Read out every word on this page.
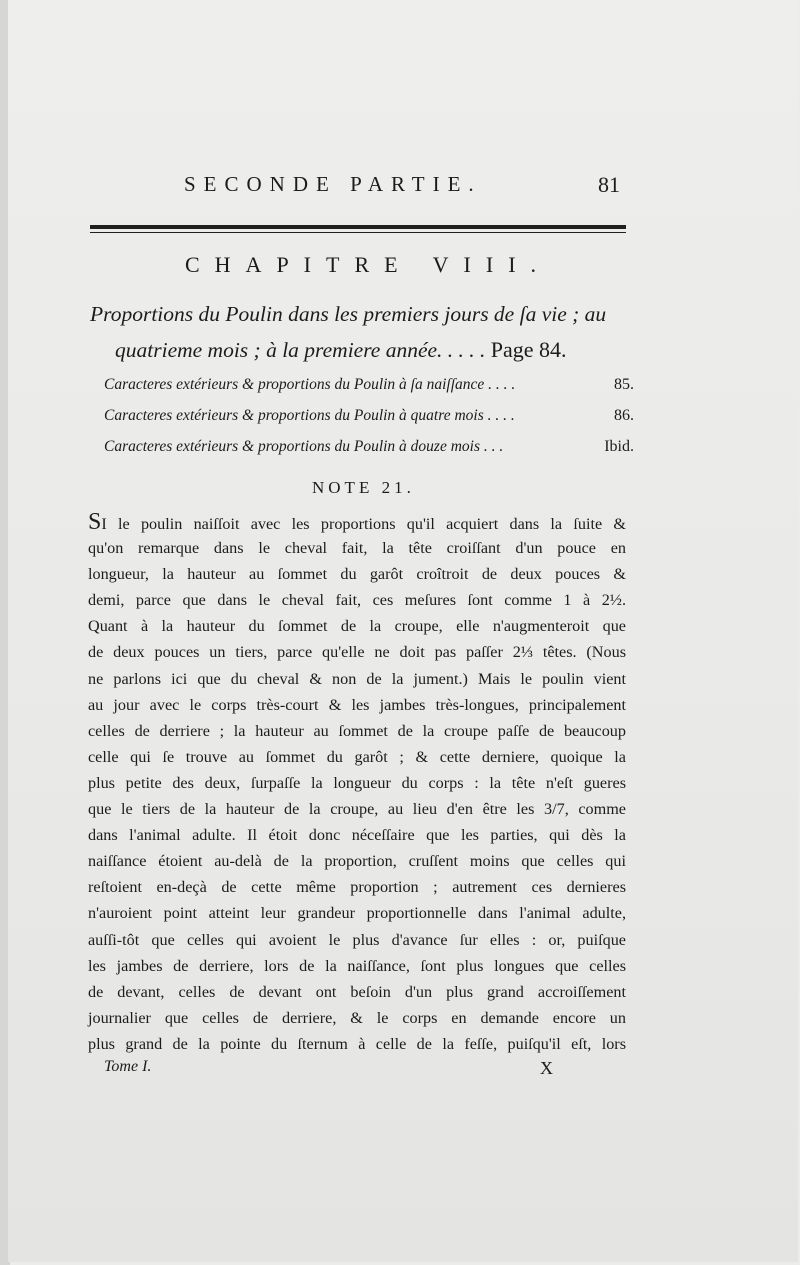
SECONDE PARTIE.	81
CHAPITRE VIII.
Proportions du Poulin dans les premiers jours de ſa vie ; au
quatrieme mois ; à la premiere année. . . . . Page 84.
Caracteres extérieurs & proportions du Poulin à ſa naiſſance . . . .	85.
Caracteres extérieurs & proportions du Poulin à quatre mois . . . .	86.
Caracteres extérieurs & proportions du Poulin à douze mois . . .	Ibid.
NOTE 21.
SI le poulin naiſſoit avec les proportions qu'il acquiert dans la ſuite &
qu'on remarque dans le cheval fait, la tête croiſſant d'un pouce en
longueur, la hauteur au ſommet du garôt croîtroit de deux pouces &
demi, parce que dans le cheval fait, ces meſures ſont comme 1 à 2½.
Quant à la hauteur du ſommet de la croupe, elle n'augmenteroit que
de deux pouces un tiers, parce qu'elle ne doit pas paſſer 2⅓ têtes. (Nous
ne parlons ici que du cheval & non de la jument.) Mais le poulin vient
au jour avec le corps très-court & les jambes très-longues, principalement
celles de derriere ; la hauteur au ſommet de la croupe paſſe de beaucoup
celle qui ſe trouve au ſommet du garôt ; & cette derniere, quoique la
plus petite des deux, ſurpaſſe la longueur du corps : la tête n'eſt gueres
que le tiers de la hauteur de la croupe, au lieu d'en être les 3/7, comme
dans l'animal adulte. Il étoit donc néceſſaire que les parties, qui dès la
naiſſance étoient au-delà de la proportion, cruſſent moins que celles qui
reſtoient en-deçà de cette même proportion ; autrement ces dernieres
n'auroient point atteint leur grandeur proportionnelle dans l'animal adulte,
auſſi-tôt que celles qui avoient le plus d'avance ſur elles : or, puiſque
les jambes de derriere, lors de la naiſſance, ſont plus longues que celles
de devant, celles de devant ont beſoin d'un plus grand accroiſſement
journalier que celles de derriere, & le corps en demande encore un
plus grand de la pointe du ſternum à celle de la feſſe, puiſqu'il eſt, lors
Tome I.	X
